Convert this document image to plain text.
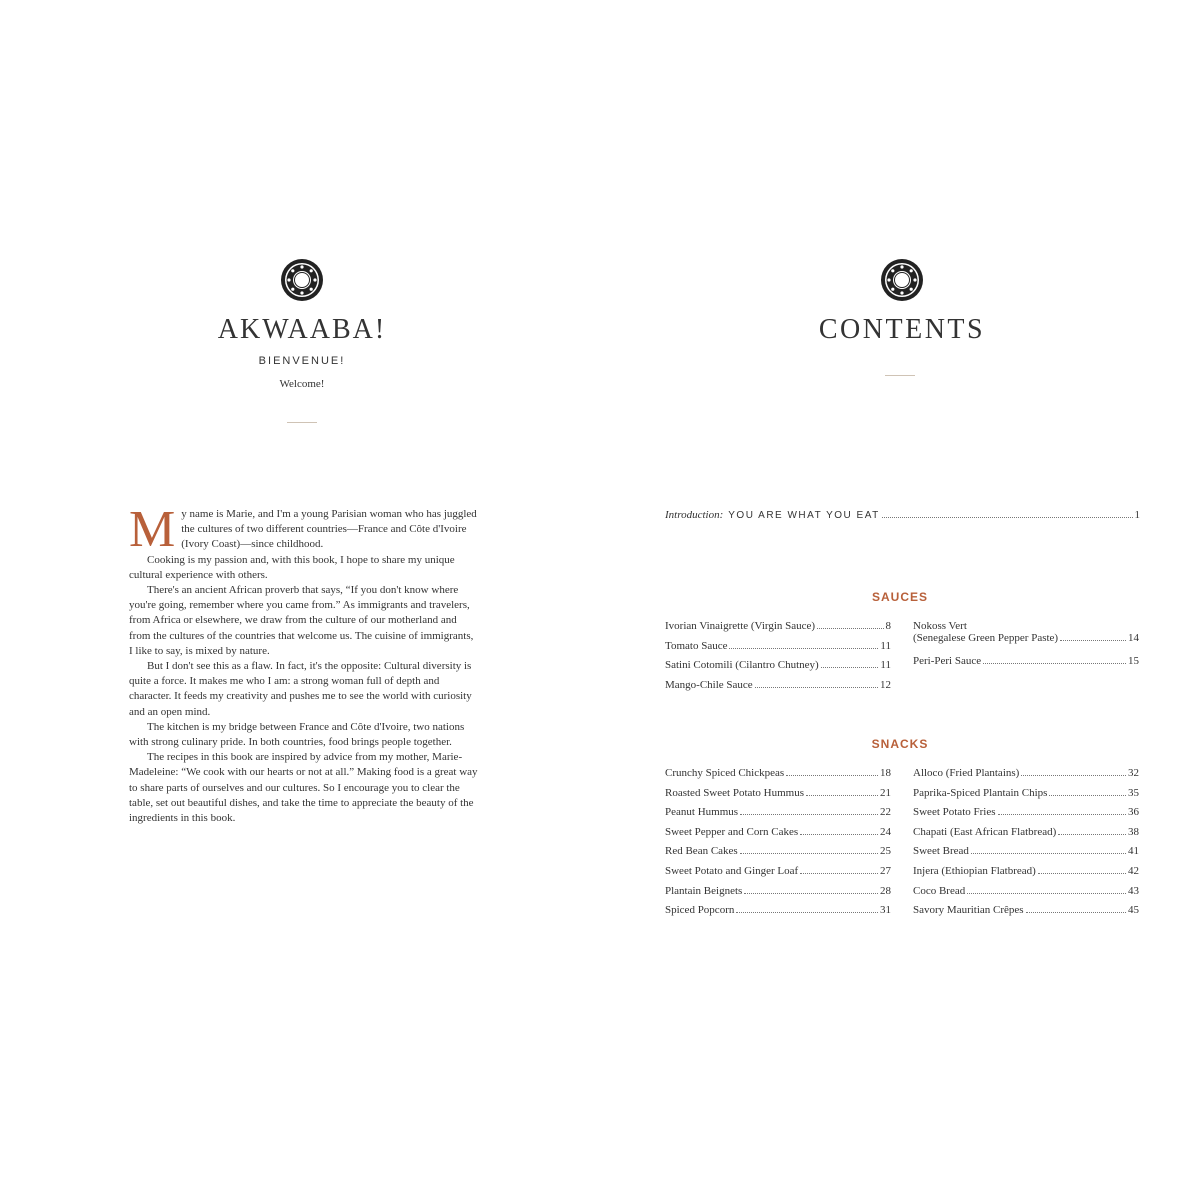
AKWAABA!
BIENVENUE!
Welcome!

My name is Marie, and I'm a young Parisian woman who has juggled the cultures of two different countries—France and Côte d'Ivoire (Ivory Coast)—since childhood.

Cooking is my passion and, with this book, I hope to share my unique cultural experience with others.

There's an ancient African proverb that says, “If you don't know where you're going, remember where you came from.” As immigrants and travelers, from Africa or elsewhere, we draw from the culture of our motherland and from the cultures of the countries that welcome us. The cuisine of immigrants, I like to say, is mixed by nature.

But I don't see this as a flaw. In fact, it's the opposite: Cultural diversity is quite a force. It makes me who I am: a strong woman full of depth and character. It feeds my creativity and pushes me to see the world with curiosity and an open mind.

The kitchen is my bridge between France and Côte d'Ivoire, two nations with strong culinary pride. In both countries, food brings people together.

The recipes in this book are inspired by advice from my mother, Marie-Madeleine: “We cook with our hearts or not at all.” Making food is a great way to share parts of ourselves and our cultures. So I encourage you to clear the table, set out beautiful dishes, and take the time to appreciate the beauty of the ingredients in this book.

CONTENTS
Introduction: YOU ARE WHAT YOU EAT	1
SAUCES
Ivorian Vinaigrette (Virgin Sauce)	8
Tomato Sauce	11
Satini Cotomili (Cilantro Chutney)	11
Mango-Chile Sauce	12
Nokoss Vert
(Senegalese Green Pepper Paste)	14
Peri-Peri Sauce	15
SNACKS
Crunchy Spiced Chickpeas	18
Roasted Sweet Potato Hummus	21
Peanut Hummus	22
Sweet Pepper and Corn Cakes	24
Red Bean Cakes	25
Sweet Potato and Ginger Loaf	27
Plantain Beignets	28
Spiced Popcorn	31
Alloco (Fried Plantains)	32
Paprika-Spiced Plantain Chips	35
Sweet Potato Fries	36
Chapati (East African Flatbread)	38
Sweet Bread	41
Injera (Ethiopian Flatbread)	42
Coco Bread	43
Savory Mauritian Crêpes	45
